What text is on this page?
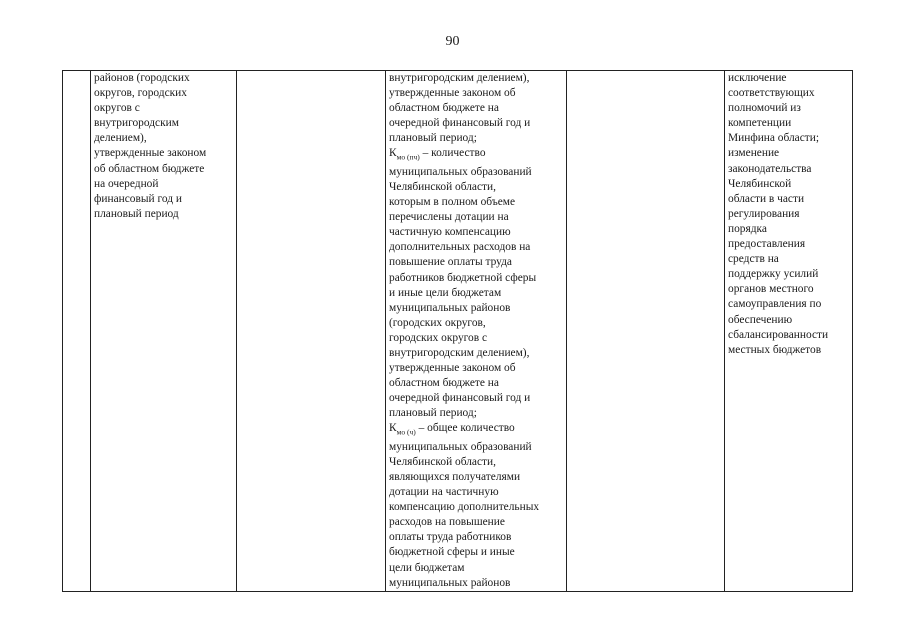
90
	районов (городских
округов, городских
округов с
внутригородским
делением),
утвержденные законом
об областном бюджете
на очередной
финансовый год и
плановый период		внутригородским делением),
утвержденные законом об
областном бюджете на
очередной финансовый год и
плановый период;
$К_{мо (пч)}$ – количество
муниципальных образований
Челябинской области,
которым в полном объеме
перечислены дотации на
частичную компенсацию
дополнительных расходов на
повышение оплаты труда
работников бюджетной сферы
и иные цели бюджетам
муниципальных районов
(городских округов,
городских округов с
внутригородским делением),
утвержденные законом об
областном бюджете на
очередной финансовый год и
плановый период;
$К_{мо (ч)}$ – общее количество
муниципальных образований
Челябинской области,
являющихся получателями
дотации на частичную
компенсацию дополнительных
расходов на повышение
оплаты труда работников
бюджетной сферы и иные
цели бюджетам
муниципальных районов		исключение
соответствующих
полномочий из
компетенции
Минфина области;
изменение
законодательства
Челябинской
области в части
регулирования
порядка
предоставления
средств на
поддержку усилий
органов местного
самоуправления по
обеспечению
сбалансированности
местных бюджетов
